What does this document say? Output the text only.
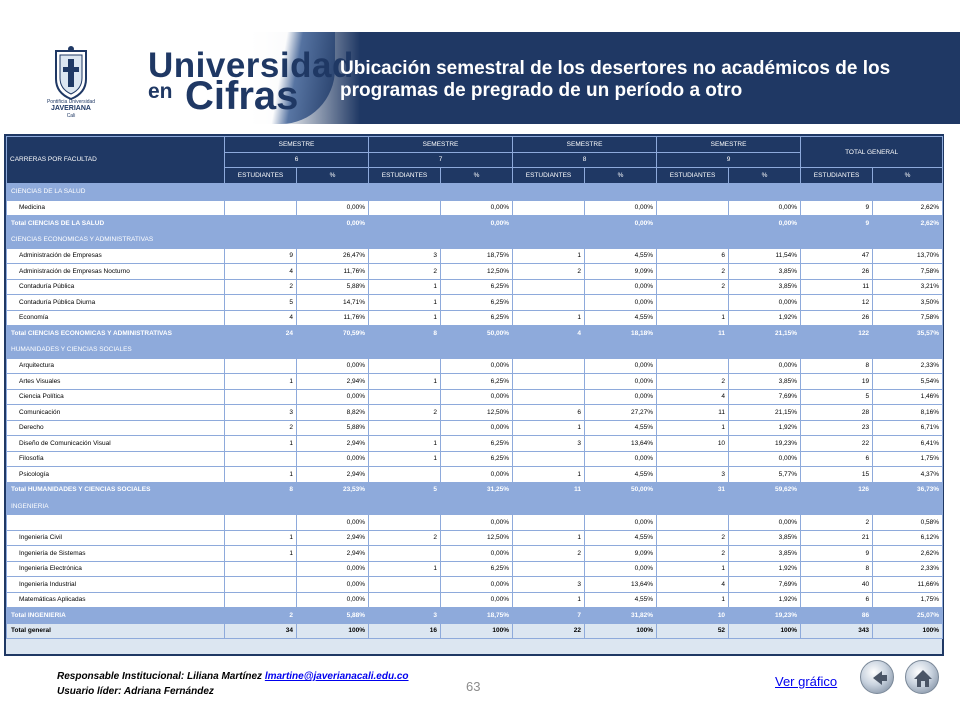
Pontificia Universidad
JAVERIANA
Cali
Universidad
en Cifras
Ubicación semestral de los desertores no académicos de los programas de pregrado de un período a otro
CARRERAS POR FACULTAD	SEMESTRE		SEMESTRE		SEMESTRE		SEMESTRE		TOTAL GENERAL	
	6		7		8		9			
	ESTUDIANTES	%	ESTUDIANTES	%	ESTUDIANTES	%	ESTUDIANTES	%	ESTUDIANTES	%
CIENCIAS DE LA SALUD										
Medicina		0,00%		0,00%		0,00%		0,00%	9	2,62%
Total CIENCIAS DE LA SALUD		0,00%		0,00%		0,00%		0,00%	9	2,62%
CIENCIAS ECONOMICAS Y ADMINISTRATIVAS										
Administración de Empresas	9	26,47%	3	18,75%	1	4,55%	6	11,54%	47	13,70%
Administración de Empresas Nocturno	4	11,76%	2	12,50%	2	9,09%	2	3,85%	26	7,58%
Contaduría Pública	2	5,88%	1	6,25%		0,00%	2	3,85%	11	3,21%
Contaduría Pública Diurna	5	14,71%	1	6,25%		0,00%		0,00%	12	3,50%
Economía	4	11,76%	1	6,25%	1	4,55%	1	1,92%	26	7,58%
Total CIENCIAS ECONOMICAS Y ADMINISTRATIVAS	24	70,59%	8	50,00%	4	18,18%	11	21,15%	122	35,57%
HUMANIDADES Y CIENCIAS SOCIALES										
Arquitectura		0,00%		0,00%		0,00%		0,00%	8	2,33%
Artes Visuales	1	2,94%	1	6,25%		0,00%	2	3,85%	19	5,54%
Ciencia Política		0,00%		0,00%		0,00%	4	7,69%	5	1,46%
Comunicación	3	8,82%	2	12,50%	6	27,27%	11	21,15%	28	8,16%
Derecho	2	5,88%		0,00%	1	4,55%	1	1,92%	23	6,71%
Diseño de Comunicación Visual	1	2,94%	1	6,25%	3	13,64%	10	19,23%	22	6,41%
Filosofía		0,00%	1	6,25%		0,00%		0,00%	6	1,75%
Psicología	1	2,94%		0,00%	1	4,55%	3	5,77%	15	4,37%
Total HUMANIDADES Y CIENCIAS SOCIALES	8	23,53%	5	31,25%	11	50,00%	31	59,62%	126	36,73%
INGENIERIA										
		0,00%		0,00%		0,00%		0,00%	2	0,58%
Ingeniería Civil	1	2,94%	2	12,50%	1	4,55%	2	3,85%	21	6,12%
Ingeniería de Sistemas	1	2,94%		0,00%	2	9,09%	2	3,85%	9	2,62%
Ingeniería Electrónica		0,00%	1	6,25%		0,00%	1	1,92%	8	2,33%
Ingeniería Industrial		0,00%		0,00%	3	13,64%	4	7,69%	40	11,66%
Matemáticas Aplicadas		0,00%		0,00%	1	4,55%	1	1,92%	6	1,75%
Total INGENIERIA	2	5,88%	3	18,75%	7	31,82%	10	19,23%	86	25,07%
Total general	34	100%	16	100%	22	100%	52	100%	343	100%
Responsable Institucional: Liliana Martínez lmartine@javerianacali.edu.co
Usuario líder: Adriana Fernández	63	Ver gráfico
